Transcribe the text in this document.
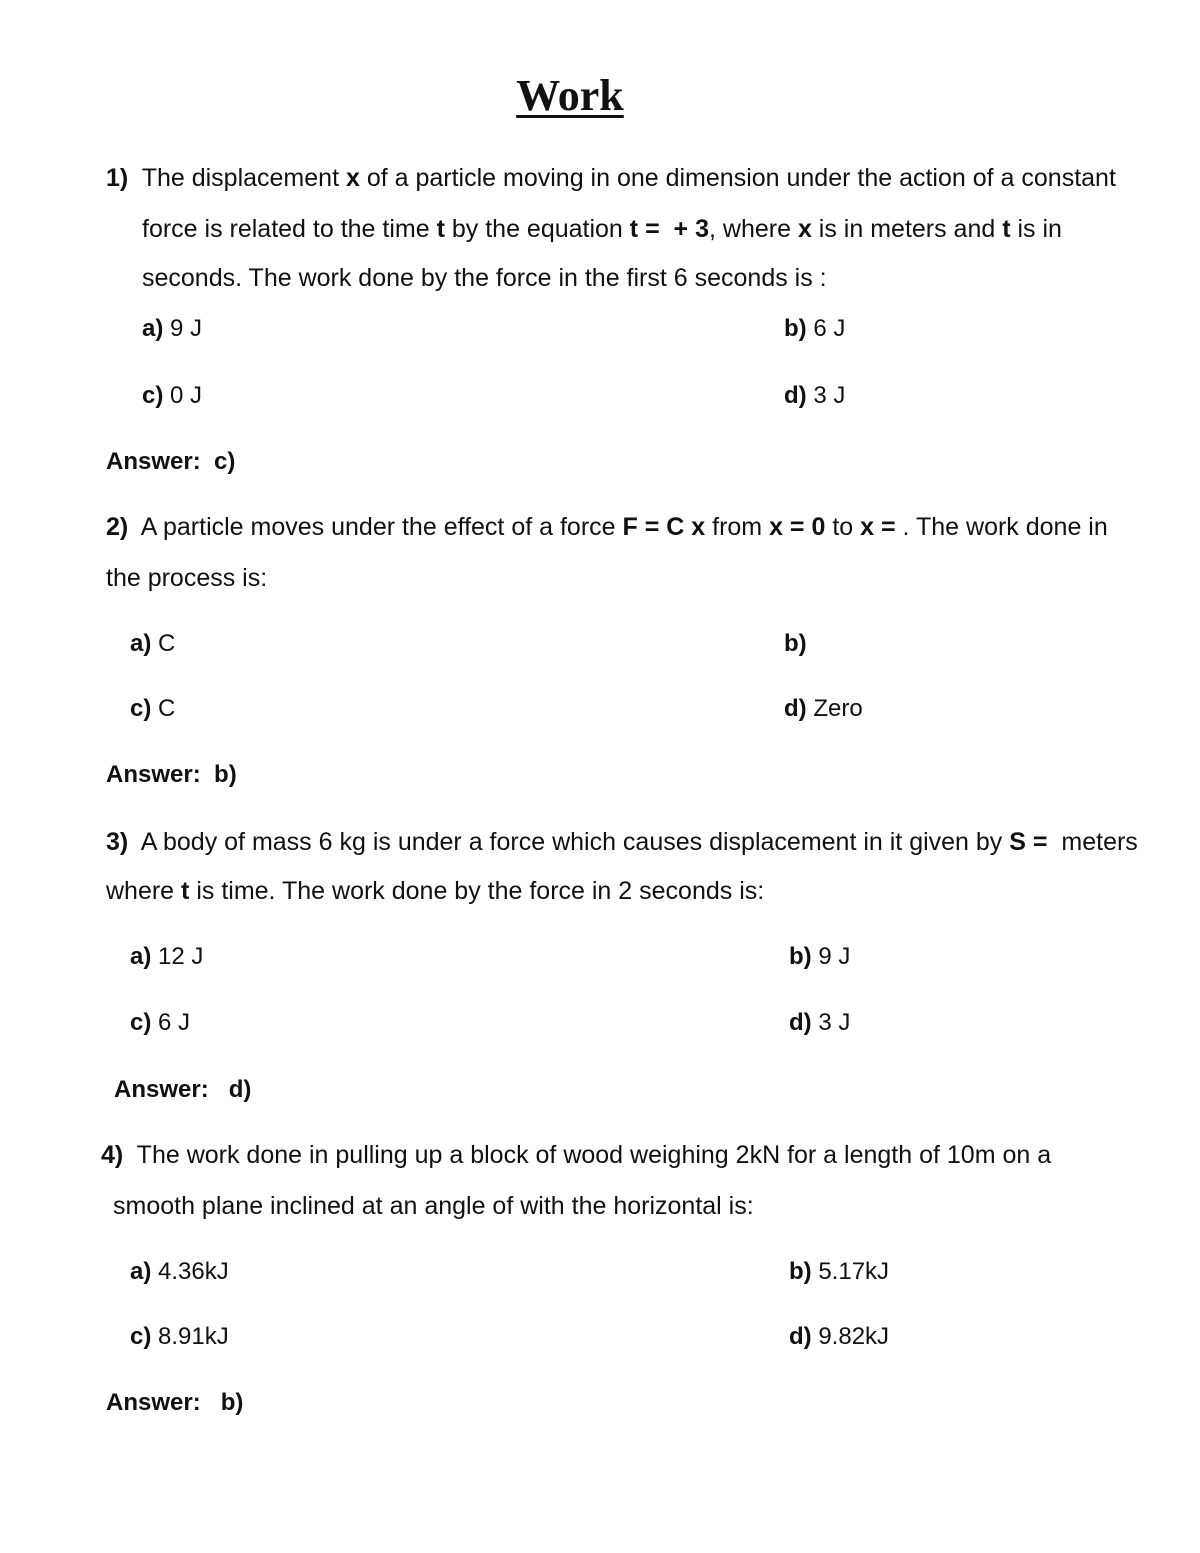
Work
1) The displacement x of a particle moving in one dimension under the action of a constant
force is related to the time t by the equation t =  + 3, where x is in meters and t is in
seconds. The work done by the force in the first 6 seconds is :
a) 9 J	b) 6 J
c) 0 J	d) 3 J
Answer: c)
2)  A particle moves under the effect of a force F = C x from x = 0 to x = . The work done in
the process is:
a) C	b)
c) C	d) Zero
Answer: b)
3)  A body of mass 6 kg is under a force which causes displacement in it given by S =  meters
where t is time. The work done by the force in 2 seconds is:
a) 12 J	b) 9 J
c) 6 J	d) 3 J
Answer: d)
4)  The work done in pulling up a block of wood weighing 2kN for a length of 10m on a
smooth plane inclined at an angle of with the horizontal is:
a) 4.36kJ	b) 5.17kJ
c) 8.91kJ	d) 9.82kJ
Answer: b)
